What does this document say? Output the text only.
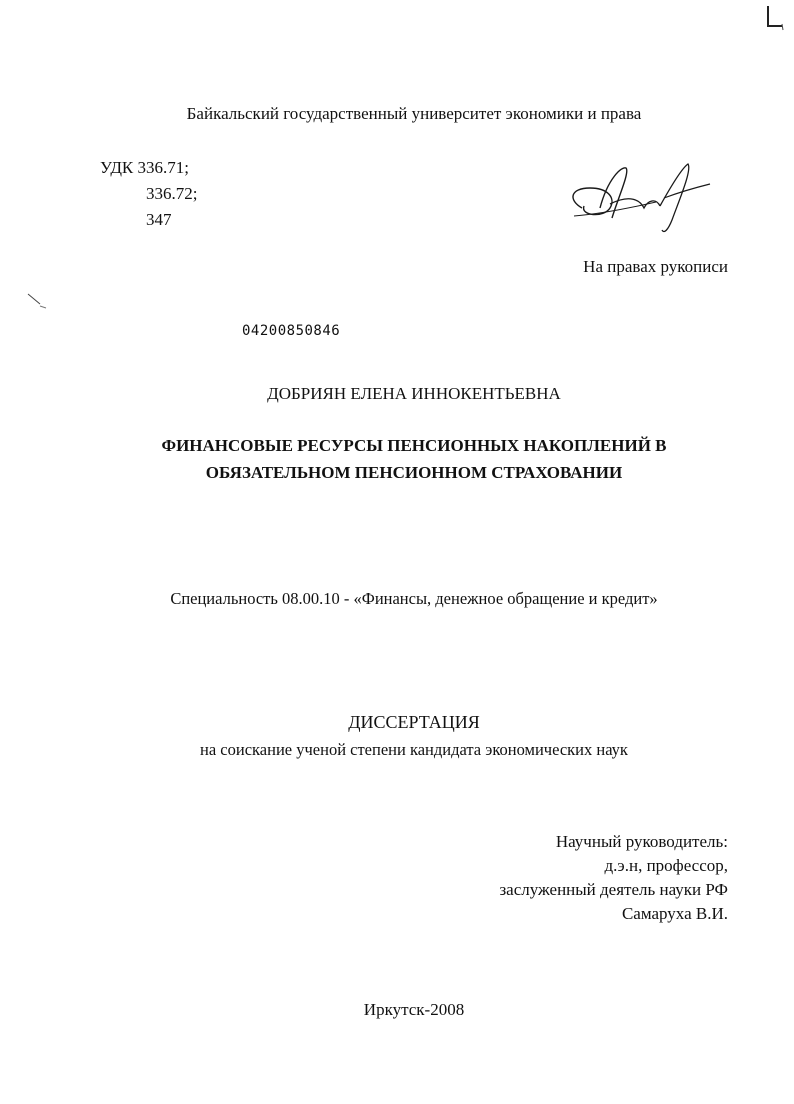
Байкальский государственный университет экономики и права
УДК 336.71;
336.72;
347
На правах рукописи
04200850846
ДОБРИЯН ЕЛЕНА ИННОКЕНТЬЕВНА
ФИНАНСОВЫЕ РЕСУРСЫ ПЕНСИОННЫХ НАКОПЛЕНИЙ В
ОБЯЗАТЕЛЬНОМ ПЕНСИОННОМ СТРАХОВАНИИ
Специальность 08.00.10 - «Финансы, денежное обращение и кредит»
ДИССЕРТАЦИЯ
на соискание ученой степени кандидата экономических наук
Научный руководитель:
д.э.н, профессор,
заслуженный деятель науки РФ
Самаруха В.И.
Иркутск-2008
